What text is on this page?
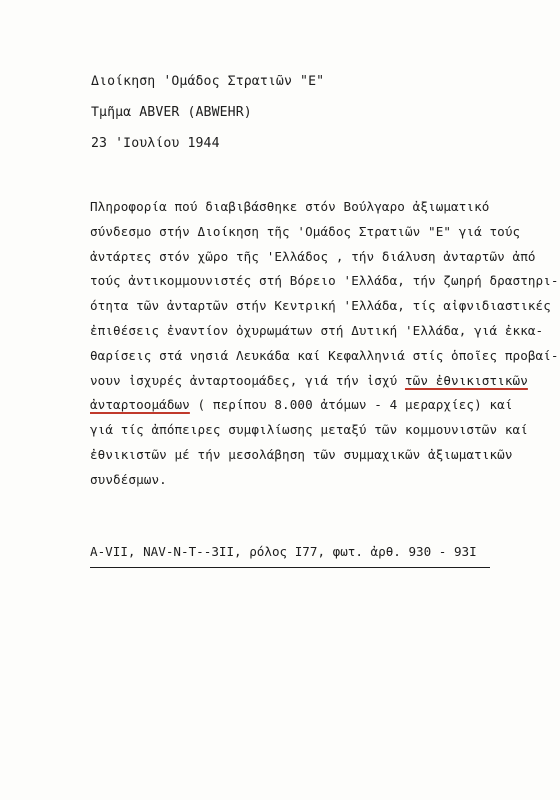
Διοίκηση 'Ομάδος Στρατιῶν "Ε"
Τμῆμα ABVER (ABWEHR)
23 'Ιουλίου 1944
Πληροφορία πού διαβιβάσθηκε στόν Βούλγαρο ἀξιωματικό
σύνδεσμο στήν Διοίκηση τῆς 'Ομάδος Στρατιῶν "Ε" γιά τούς
ἀντάρτες στόν χῶρο τῆς 'Ελλάδος , τήν διάλυση ἀνταρτῶν ἀπό
τούς ἀντικομμουνιστές στή Βόρειο 'Ελλάδα, τήν ζωηρή δραστηρι-
ότητα τῶν ἀνταρτῶν στήν Κεντρική 'Ελλάδα, τίς αἰφνιδιαστικές
ἐπιθέσεις ἐναντίον ὀχυρωμάτων στή Δυτική 'Ελλάδα, γιά ἐκκα-
θαρίσεις στά νησιά Λευκάδα καί Κεφαλληνιά στίς ὁποῖες προβαί-
νουν ἰσχυρές ἀνταρτοομάδες, γιά τήν ἰσχύ τῶν ἐθνικιστικῶν
ἀνταρτοομάδων ( περίπου 8.000 ἀτόμων - 4 μεραρχίες) καί
γιά τίς ἀπόπειρες συμφιλίωσης μεταξύ τῶν κομμουνιστῶν καί
ἐθνικιστῶν μέ τήν μεσολάβηση τῶν συμμαχικῶν ἀξιωματικῶν
συνδέσμων.
A-VII, NAV-N-T--3II, ρόλος I77, φωτ. ἀρθ. 930 - 93I
